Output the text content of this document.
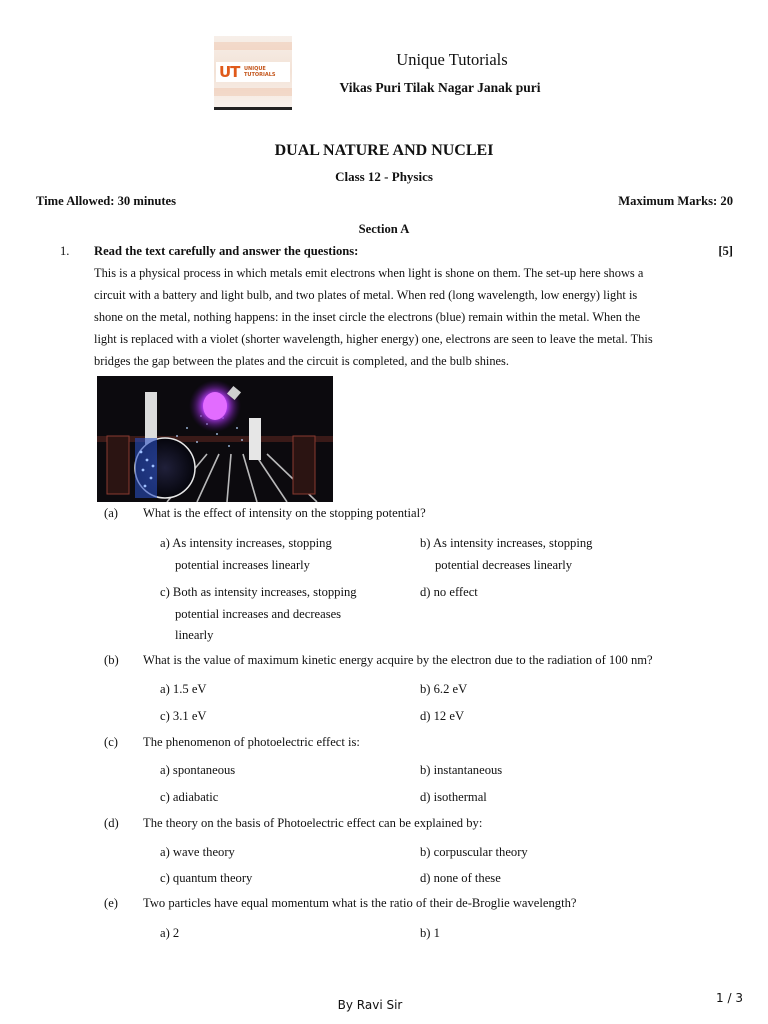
UT UNIQUE
TUTORIALS
Unique Tutorials
Vikas Puri Tilak Nagar Janak puri
DUAL NATURE AND NUCLEI
Class 12 - Physics
Time Allowed: 30 minutes	Maximum Marks: 20
Section A
1. Read the text carefully and answer the questions:	[5]
This is a physical process in which metals emit electrons when light is shone on them. The set-up here shows a
circuit with a battery and light bulb, and two plates of metal. When red (long wavelength, low energy) light is
shone on the metal, nothing happens: in the inset circle the electrons (blue) remain within the metal. When the
light is replaced with a violet (shorter wavelength, higher energy) one, electrons are seen to leave the metal. This
bridges the gap between the plates and the circuit is completed, and the bulb shines.
(a) What is the effect of intensity on the stopping potential?
a) As intensity increases, stopping
potential increases linearly
b) As intensity increases, stopping
potential decreases linearly
c) Both as intensity increases, stopping
potential increases and decreases
linearly
d) no effect
(b) What is the value of maximum kinetic energy acquire by the electron due to the radiation of 100 nm?
a) 1.5 eV	b) 6.2 eV
c) 3.1 eV	d) 12 eV
(c) The phenomenon of photoelectric effect is:
a) spontaneous	b) instantaneous
c) adiabatic	d) isothermal
(d) The theory on the basis of Photoelectric effect can be explained by:
a) wave theory	b) corpuscular theory
c) quantum theory	d) none of these
(e) Two particles have equal momentum what is the ratio of their de-Broglie wavelength?
a) 2	b) 1
By Ravi Sir	1 / 3
